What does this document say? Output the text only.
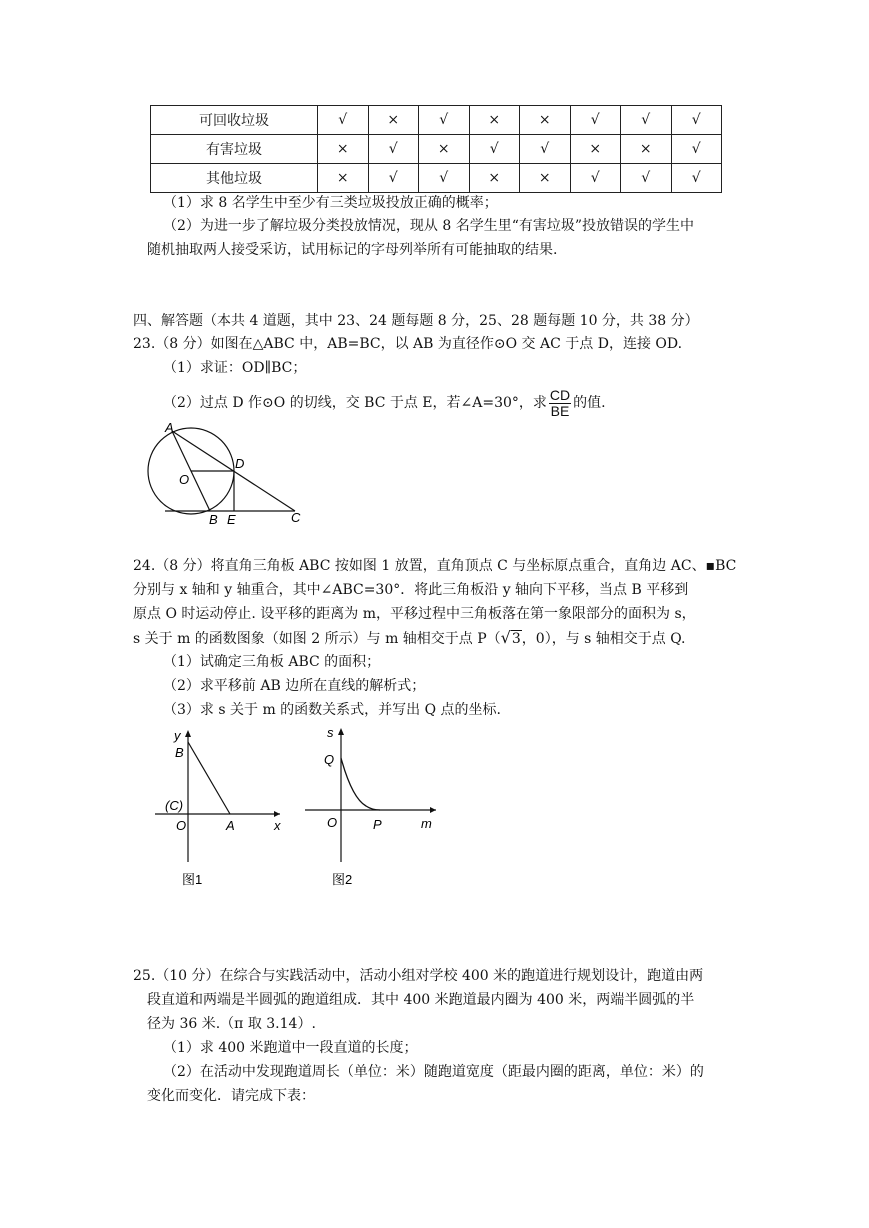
可回收垃圾	√	×	√	×	×	√	√	√
有害垃圾	×	√	×	√	√	×	×	√
其他垃圾	×	√	√	×	×	√	√	√
（1）求 8 名学生中至少有三类垃圾投放正确的概率；
（2）为进一步了解垃圾分类投放情况，现从 8 名学生里“有害垃圾”投放错误的学生中
随机抽取两人接受采访，试用标记的字母列举所有可能抽取的结果.
四、解答题（本共 4 道题，其中 23、24 题每题 8 分，25、28 题每题 10 分，共 38 分）
23.（8 分）如图在△ABC 中，AB=BC，以 AB 为直径作⊙O 交 AC 于点 D，连接 OD.
（1）求证：OD∥BC；
（2）过点 D 作⊙O 的切线，交 BC 于点 E，若∠A=30°，求 $\frac{CD}{BE}$ 的值.
A
O
D
B E	C
24.（8 分）将直角三角板 ABC 按如图 1 放置，直角顶点 C 与坐标原点重合，直角边 AC、▪BC
分别与 x 轴和 y 轴重合，其中∠ABC=30°．将此三角板沿 y 轴向下平移，当点 B 平移到
原点 O 时运动停止. 设平移的距离为 m，平移过程中三角板落在第一象限部分的面积为 s，
s 关于 m 的函数图象（如图 2 所示）与 m 轴相交于点 P（√3，0），与 s 轴相交于点 Q.
（1）试确定三角板 ABC 的面积；
（2）求平移前 AB 边所在直线的解析式；
（3）求 s 关于 m 的函数关系式，并写出 Q 点的坐标.
y
B
(C)
O	A	x
图1
s
Q
O	P	m
图2
25.（10 分）在综合与实践活动中，活动小组对学校 400 米的跑道进行规划设计，跑道由两
段直道和两端是半圆弧的跑道组成．其中 400 米跑道最内圈为 400 米，两端半圆弧的半
径为 36 米.（π 取 3.14）.
（1）求 400 米跑道中一段直道的长度；
（2）在活动中发现跑道周长（单位：米）随跑道宽度（距最内圈的距离，单位：米）的
变化而变化．请完成下表：
